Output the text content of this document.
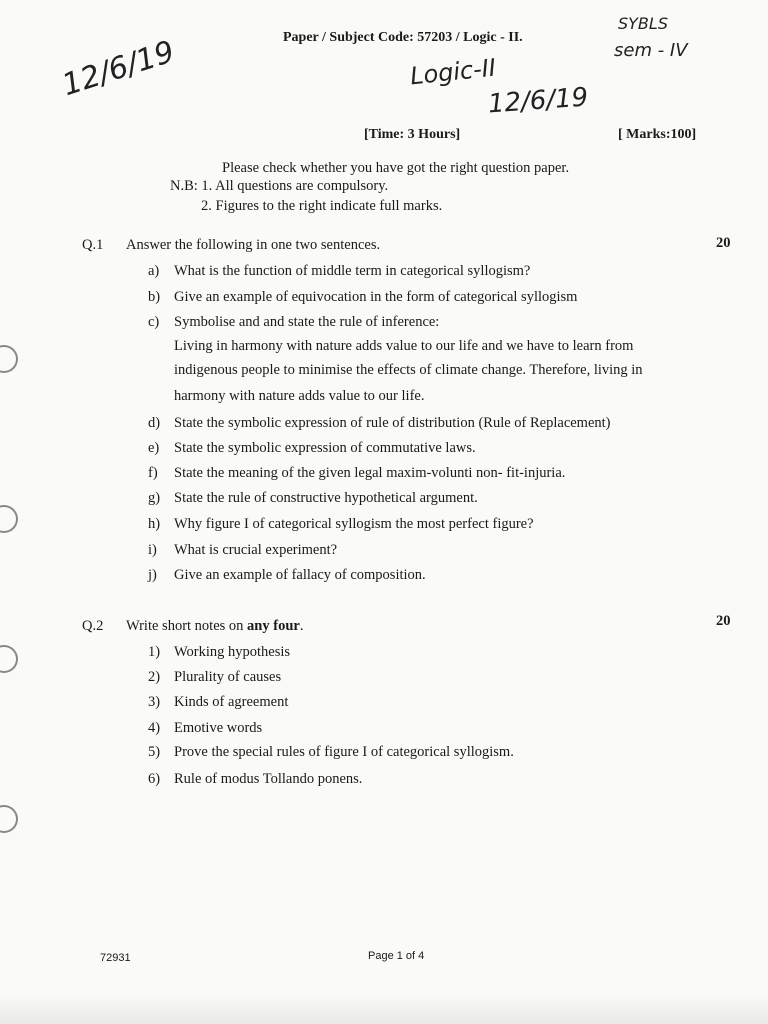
SYBLS
sem - IV
12/6/19	Logic-II
12/6/19
Paper / Subject Code: 57203 / Logic - II.
[Time: 3 Hours]	[ Marks:100]
Please check whether you have got the right question paper.
N.B: 1. All questions are compulsory.
2. Figures to the right indicate full marks.
Q.1 Answer the following in one two sentences.	20
a) What is the function of middle term in categorical syllogism?
b) Give an example of equivocation in the form of categorical syllogism
c) Symbolise and and state the rule of inference:
Living in harmony with nature adds value to our life and we have to learn from
indigenous people to minimise the effects of climate change. Therefore, living in
harmony with nature adds value to our life.
d) State the symbolic expression of rule of distribution (Rule of Replacement)
e) State the symbolic expression of commutative laws.
f) State the meaning of the given legal maxim-volunti non- fit-injuria.
g) State the rule of constructive hypothetical argument.
h) Why figure I of categorical syllogism the most perfect figure?
i) What is crucial experiment?
j) Give an example of fallacy of composition.
Q.2 Write short notes on any four.	20
1) Working hypothesis
2) Plurality of causes
3) Kinds of agreement
4) Emotive words
5) Prove the special rules of figure I of categorical syllogism.
6) Rule of modus Tollando ponens.
72931	Page 1 of 4
